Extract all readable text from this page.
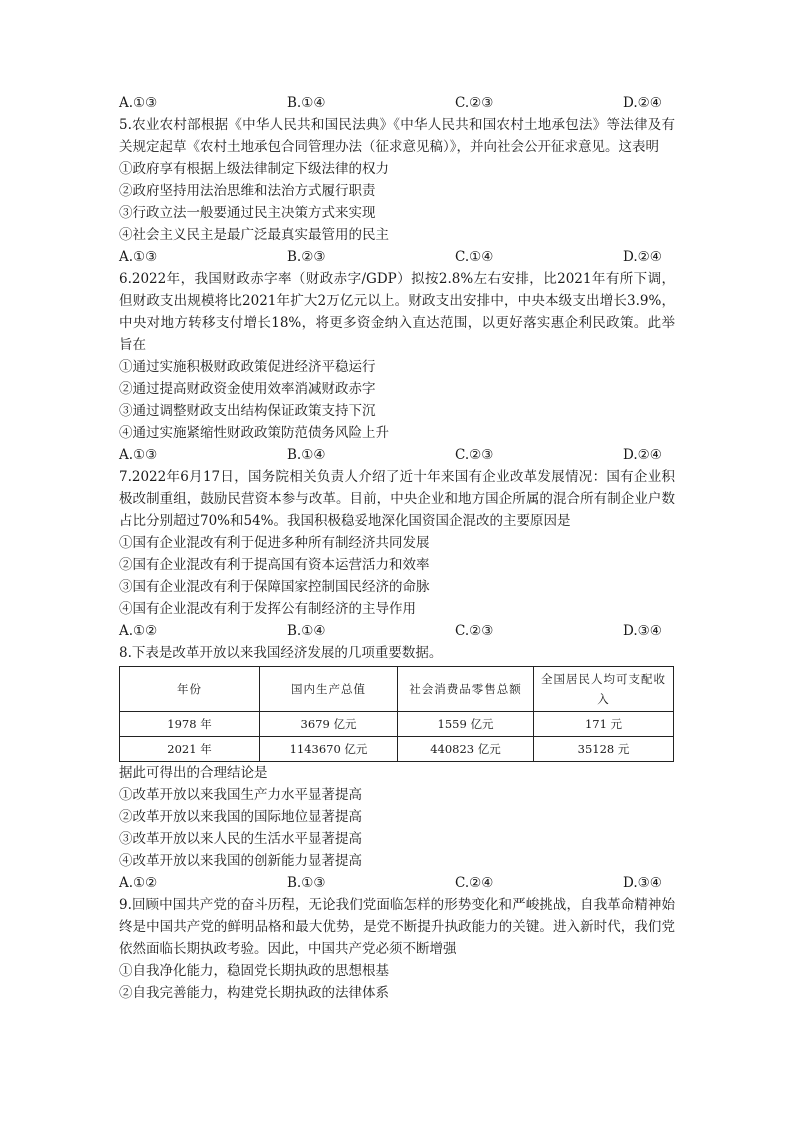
A.①③	B.①④	C.②③	D.②④
5.农业农村部根据《中华人民共和国民法典》《中华人民共和国农村土地承包法》等法律及有关规定起草《农村土地承包合同管理办法（征求意见稿）》，并向社会公开征求意见。这表明
①政府享有根据上级法律制定下级法律的权力
②政府坚持用法治思维和法治方式履行职责
③行政立法一般要通过民主决策方式来实现
④社会主义民主是最广泛最真实最管用的民主
A.①③	B.②③	C.①④	D.②④
6.2022年，我国财政赤字率（财政赤字/GDP）拟按2.8%左右安排，比2021年有所下调，但财政支出规模将比2021年扩大2万亿元以上。财政支出安排中，中央本级支出增长3.9%，中央对地方转移支付增长18%，将更多资金纳入直达范围，以更好落实惠企利民政策。此举旨在
①通过实施积极财政政策促进经济平稳运行
②通过提高财政资金使用效率消减财政赤字
③通过调整财政支出结构保证政策支持下沉
④通过实施紧缩性财政政策防范债务风险上升
A.①③	B.①④	C.②③	D.②④
7.2022年6月17日，国务院相关负责人介绍了近十年来国有企业改革发展情况：国有企业积极改制重组，鼓励民营资本参与改革。目前，中央企业和地方国企所属的混合所有制企业户数占比分别超过70%和54%。我国积极稳妥地深化国资国企混改的主要原因是
①国有企业混改有利于促进多种所有制经济共同发展
②国有企业混改有利于提高国有资本运营活力和效率
③国有企业混改有利于保障国家控制国民经济的命脉
④国有企业混改有利于发挥公有制经济的主导作用
A.①②	B.①④	C.②③	D.③④
8.下表是改革开放以来我国经济发展的几项重要数据。
年份	国内生产总值	社会消费品零售总额	全国居民人均可支配收入
1978 年	3679 亿元	1559 亿元	171 元
2021 年	1143670 亿元	440823 亿元	35128 元
据此可得出的合理结论是
①改革开放以来我国生产力水平显著提高
②改革开放以来我国的国际地位显著提高
③改革开放以来人民的生活水平显著提高
④改革开放以来我国的创新能力显著提高
A.①②	B.①③	C.②④	D.③④
9.回顾中国共产党的奋斗历程，无论我们党面临怎样的形势变化和严峻挑战，自我革命精神始终是中国共产党的鲜明品格和最大优势，是党不断提升执政能力的关键。进入新时代，我们党依然面临长期执政考验。因此，中国共产党必须不断增强
①自我净化能力，稳固党长期执政的思想根基
②自我完善能力，构建党长期执政的法律体系
